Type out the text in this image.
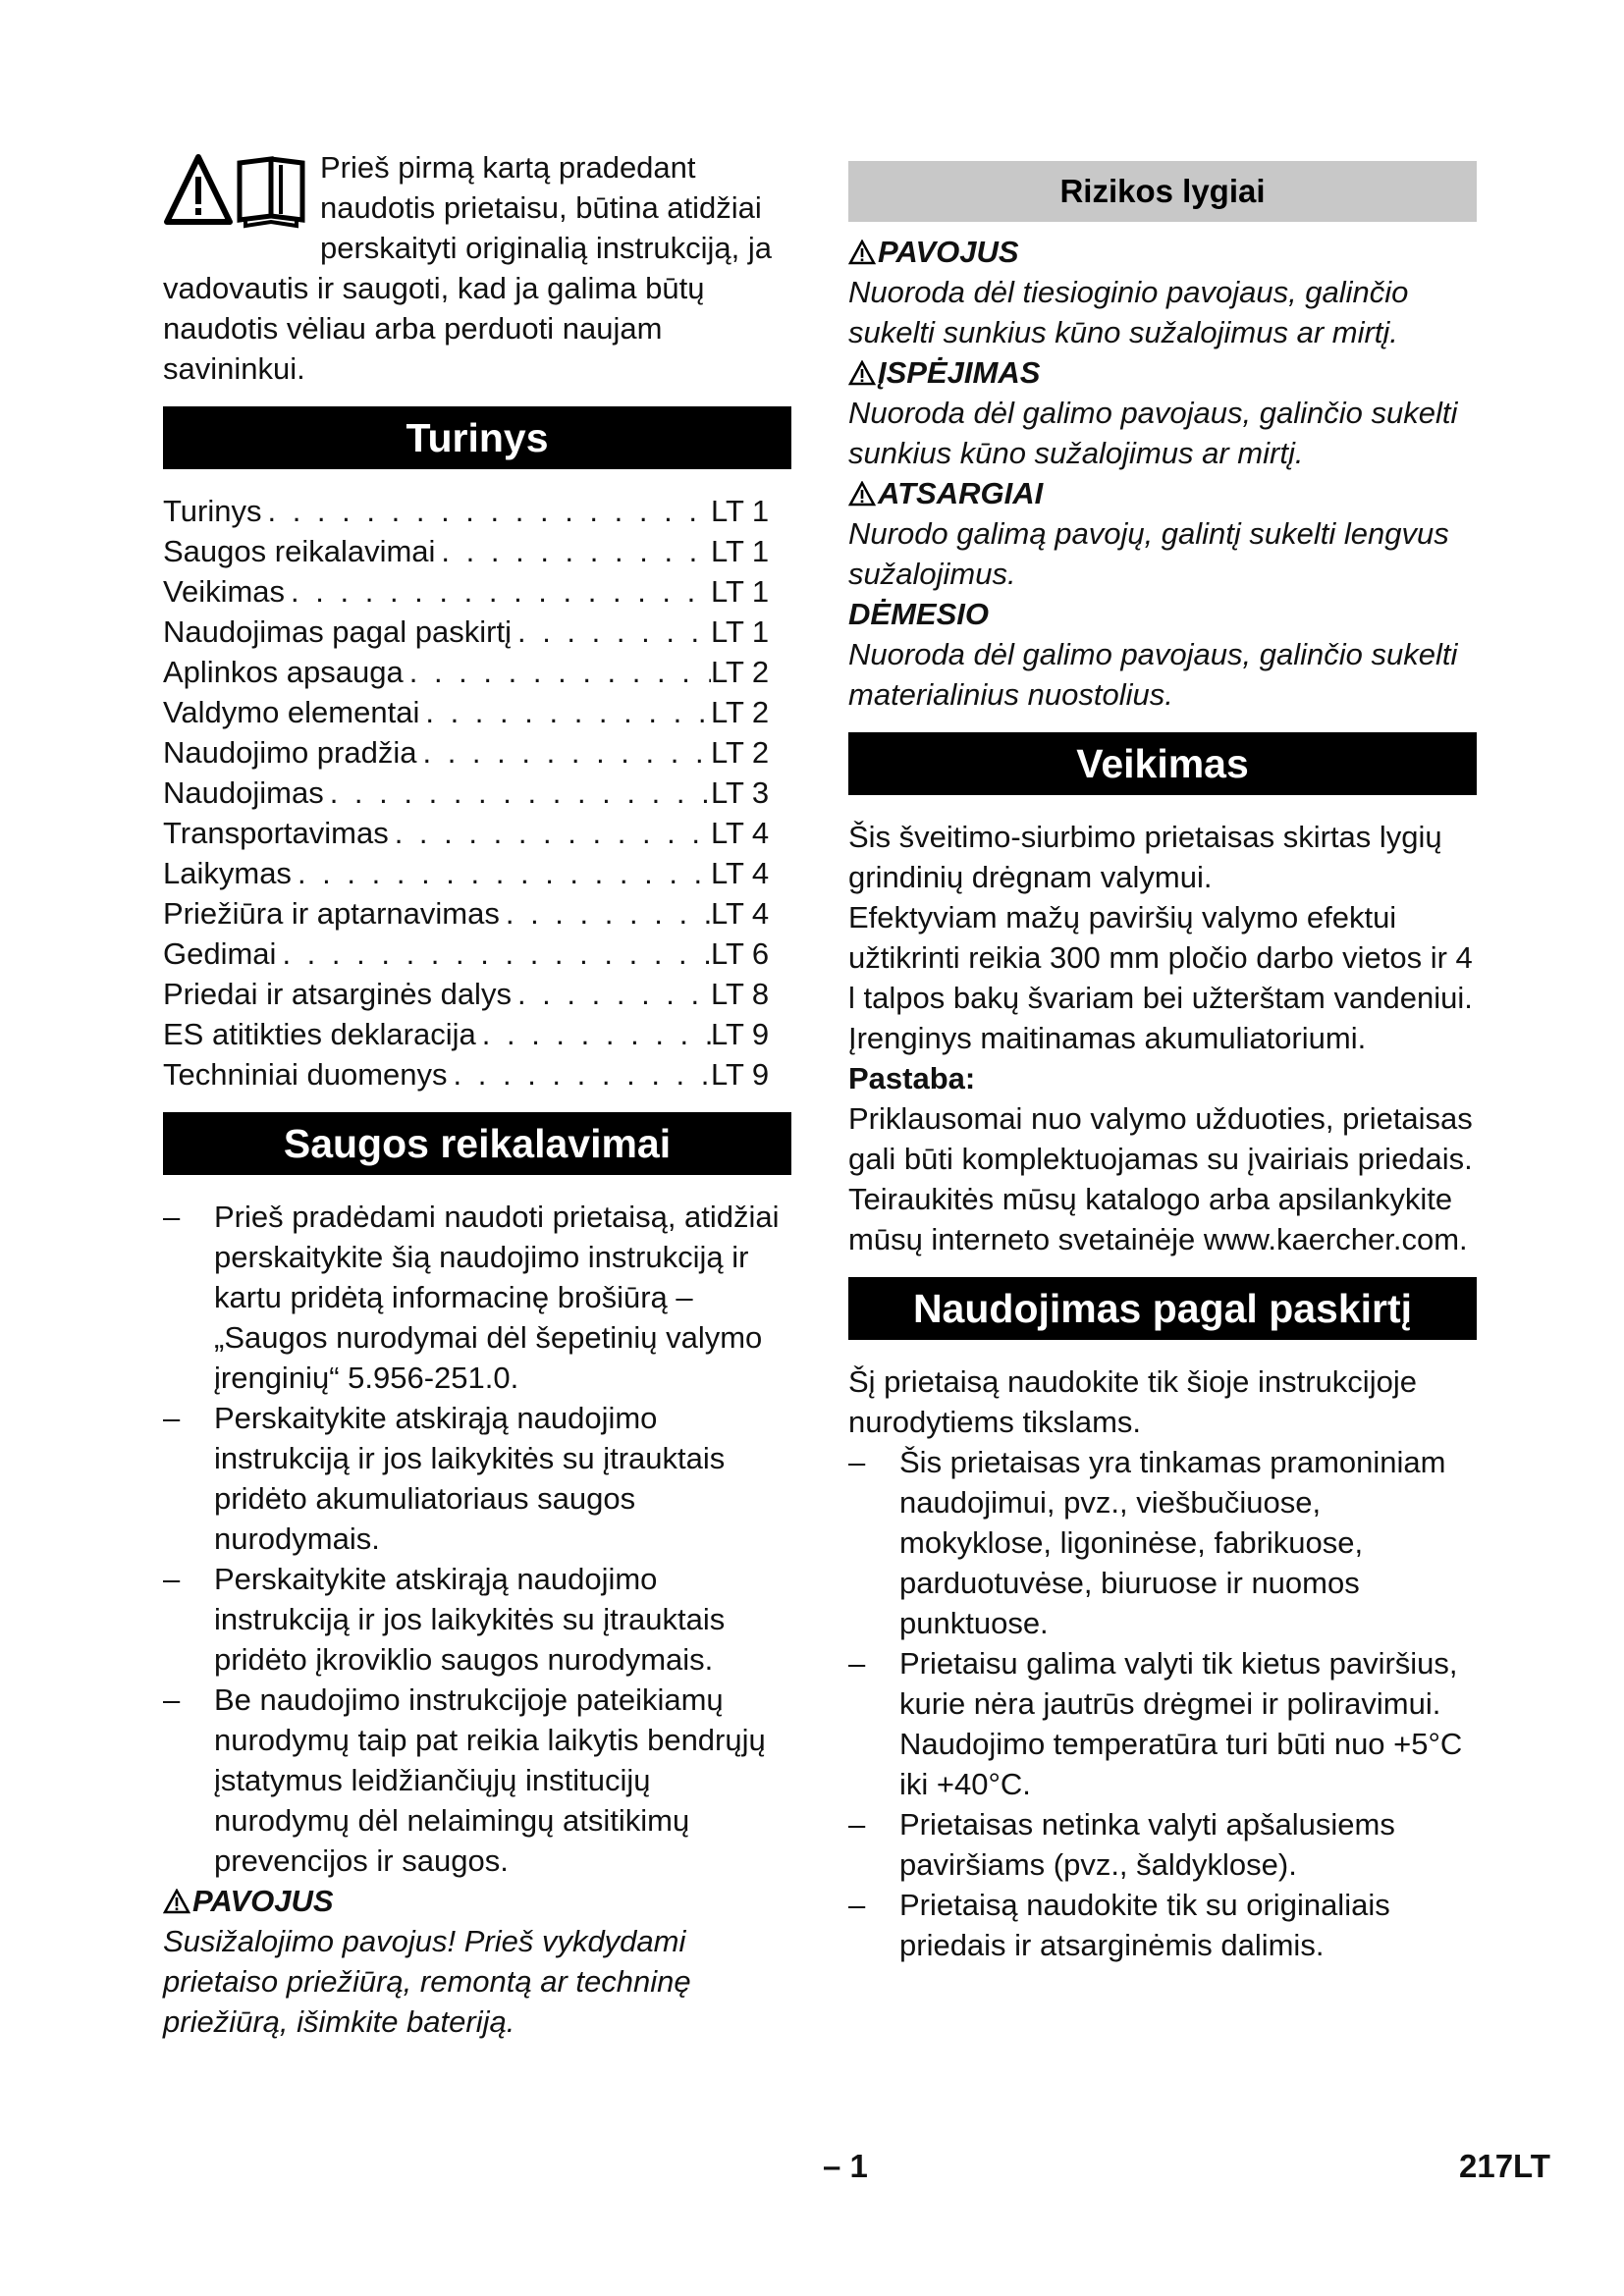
Prieš pirmą kartą pradedant naudotis prietaisu, būtina atidžiai perskaityti originalią instrukciją, ja vadovautis ir saugoti, kad ja galima būtų naudotis vėliau arba perduoti naujam savininkui.
Turinys
Turinys . . .	LT 1
Saugos reikalavimai . . .	LT 1
Veikimas . . .	LT 1
Naudojimas pagal paskirtį . . .	LT 1
Aplinkos apsauga . . .	LT 2
Valdymo elementai . . .	LT 2
Naudojimo pradžia . . .	LT 2
Naudojimas . . .	LT 3
Transportavimas . . .	LT 4
Laikymas . . .	LT 4
Priežiūra ir aptarnavimas . . .	LT 4
Gedimai . . .	LT 6
Priedai ir atsarginės dalys . . .	LT 8
ES atitikties deklaracija . . .	LT 9
Techniniai duomenys . . .	LT 9
Saugos reikalavimai
– Prieš pradėdami naudoti prietaisą, atidžiai perskaitykite šią naudojimo instrukciją ir kartu pridėtą informacinę brošiūrą – „Saugos nurodymai dėl šepetinių valymo įrenginių“ 5.956-251.0.
– Perskaitykite atskirąją naudojimo instrukciją ir jos laikykitės su įtrauktais pridėto akumuliatoriaus saugos nurodymais.
– Perskaitykite atskirąją naudojimo instrukciją ir jos laikykitės su įtrauktais pridėto įkroviklio saugos nurodymais.
– Be naudojimo instrukcijoje pateikiamų nurodymų taip pat reikia laikytis bendrųjų įstatymus leidžiančiųjų institucijų nurodymų dėl nelaimingų atsitikimų prevencijos ir saugos.
PAVOJUS
Susižalojimo pavojus! Prieš vykdydami prietaiso priežiūrą, remontą ar techninę priežiūrą, išimkite bateriją.
Rizikos lygiai
PAVOJUS
Nuoroda dėl tiesioginio pavojaus, galinčio sukelti sunkius kūno sužalojimus ar mirtį.
ĮSPĖJIMAS
Nuoroda dėl galimo pavojaus, galinčio sukelti sunkius kūno sužalojimus ar mirtį.
ATSARGIAI
Nurodo galimą pavojų, galintį sukelti lengvus sužalojimus.
DĖMESIO
Nuoroda dėl galimo pavojaus, galinčio sukelti materialinius nuostolius.
Veikimas
Šis šveitimo-siurbimo prietaisas skirtas lygių grindinių drėgnam valymui.
Efektyviam mažų paviršių valymo efektui užtikrinti reikia 300 mm pločio darbo vietos ir 4 l talpos bakų švariam bei užterštam vandeniui.
Įrenginys maitinamas akumuliatoriumi.
Pastaba:
Priklausomai nuo valymo užduoties, prietaisas gali būti komplektuojamas su įvairiais priedais.
Teiraukitės mūsų katalogo arba apsilankykite mūsų interneto svetainėje www.kaercher.com.
Naudojimas pagal paskirtį
Šį prietaisą naudokite tik šioje instrukcijoje nurodytiems tikslams.
– Šis prietaisas yra tinkamas pramoniniam naudojimui, pvz., viešbučiuose, mokyklose, ligoninėse, fabrikuose, parduotuvėse, biuruose ir nuomos punktuose.
– Prietaisu galima valyti tik kietus paviršius, kurie nėra jautrūs drėgmei ir poliravimui.
Naudojimo temperatūra turi būti nuo +5°C iki +40°C.
– Prietaisas netinka valyti apšalusiems paviršiams (pvz., šaldyklose).
– Prietaisą naudokite tik su originaliais priedais ir atsarginėmis dalimis.
– 1	217LT
